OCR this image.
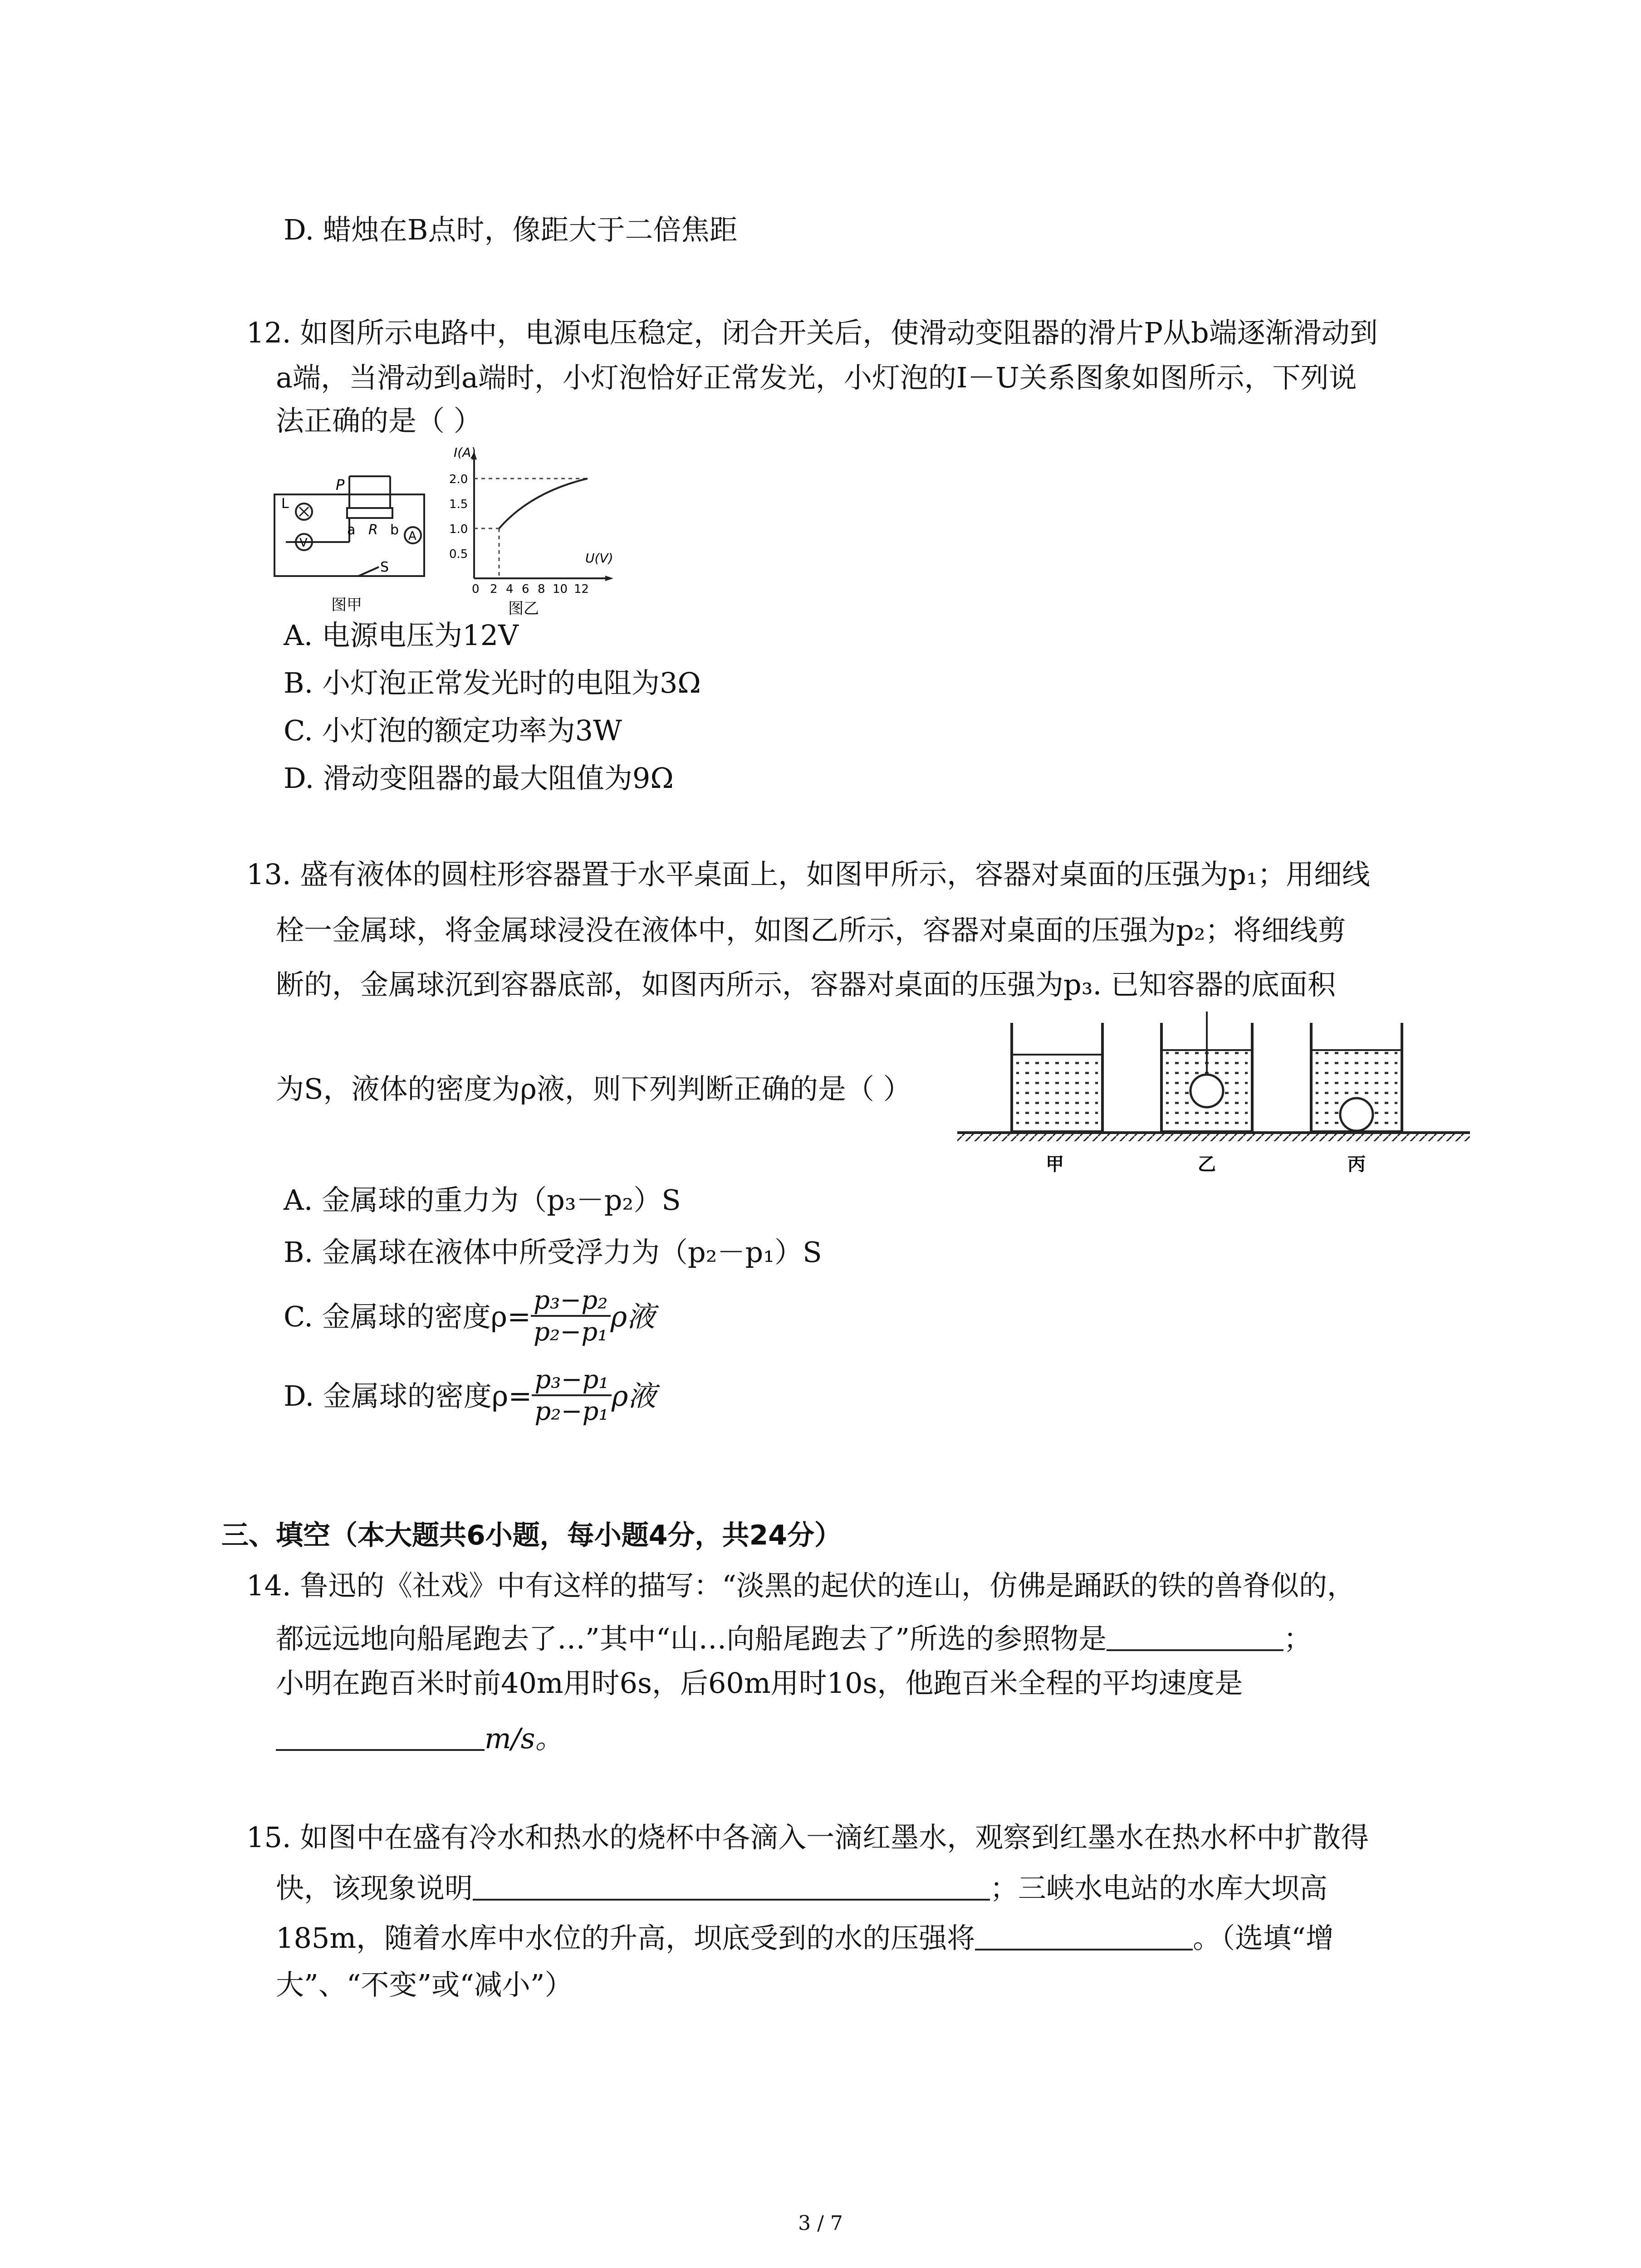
D. 蜡烛在B点时，像距大于二倍焦距
12. 如图所示电路中，电源电压稳定，闭合开关后，使滑动变阻器的滑片P从b端逐渐滑动到
a端，当滑动到a端时，小灯泡恰好正常发光，小灯泡的I－U关系图象如图所示，下列说
法正确的是（ ）
L
P
a R b
S
A
V
图甲
I(A)
U(V)
2.0
1.5
1.0
0.5
0 2 4 6 8 10 12
图乙
A. 电源电压为12V
B. 小灯泡正常发光时的电阻为3Ω
C. 小灯泡的额定功率为3W
D. 滑动变阻器的最大阻值为9Ω
13. 盛有液体的圆柱形容器置于水平桌面上，如图甲所示，容器对桌面的压强为p₁；用细线
栓一金属球，将金属球浸没在液体中，如图乙所示，容器对桌面的压强为p₂；将细线剪
断的，金属球沉到容器底部，如图丙所示，容器对桌面的压强为p₃. 已知容器的底面积
为S，液体的密度为ρ液，则下列判断正确的是（ ）
甲	乙	丙
A. 金属球的重力为（p₃－p₂）S
B. 金属球在液体中所受浮力为（p₂－p₁）S
C. 金属球的密度$\rho= \frac{\text{p₃−p₂}}{\text{p₂−p₁}}$ ρ液
D. 金属球的密度$\rho= \frac{\text{p₃−p₁}}{\text{p₂−p₁}}$ ρ液
三、填空（本大题共6小题，每小题4分，共24分）
14. 鲁迅的《社戏》中有这样的描写：“淡黑的起伏的连山，仿佛是踊跃的铁的兽脊似的，
都远远地向船尾跑去了…”其中“山…向船尾跑去了”所选的参照物是	；
小明在跑百米时前40m用时6s，后60m用时10s，他跑百米全程的平均速度是
m/s。
15. 如图中在盛有冷水和热水的烧杯中各滴入一滴红墨水，观察到红墨水在热水杯中扩散得
快，该现象说明	；三峡水电站的水库大坝高
185m，随着水库中水位的升高，坝底受到的水的压强将	。（选填“增
大”、“不变”或“减小”）
3 / 7
